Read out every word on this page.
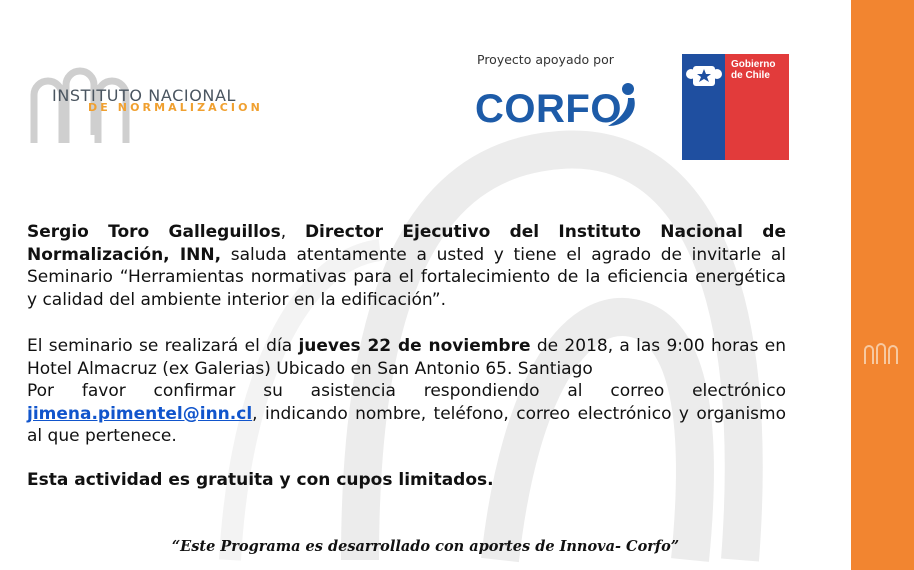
INSTITUTO NACIONAL
DE NORMALIZACION
Proyecto apoyado por
CORFO
Gobierno de Chile
Sergio Toro Galleguillos, Director Ejecutivo del Instituto Nacional de Normalización, INN, saluda atentamente a usted y tiene el agrado de invitarle al Seminario “Herramientas normativas para el fortalecimiento de la eficiencia energética y calidad del ambiente interior en la edificación”.
El seminario se realizará el día jueves 22 de noviembre de 2018, a las 9:00 horas en Hotel Almacruz (ex Galerias) Ubicado en San Antonio 65. Santiago
Por favor confirmar su asistencia respondiendo al correo electrónico jimena.pimentel@inn.cl, indicando nombre, teléfono, correo electrónico y organismo al que pertenece.
Esta actividad es gratuita y con cupos limitados.
“Este Programa es desarrollado con aportes de Innova- Corfo”
